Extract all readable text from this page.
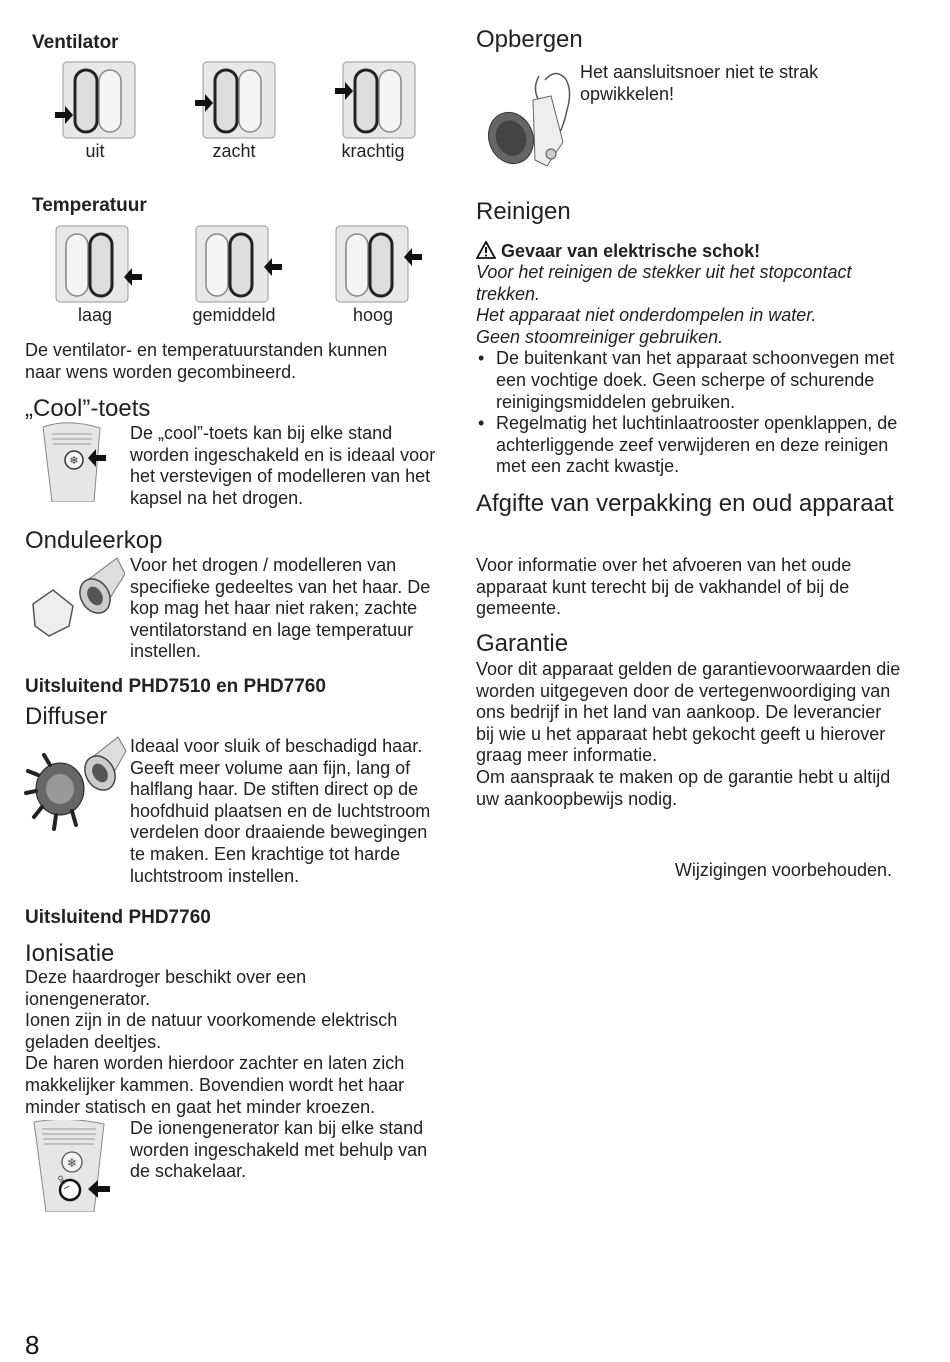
Ventilator
uit	zacht	krachtig
Temperatuur
laag	gemiddeld	hoog
De ventilator- en temperatuurstanden kunnen naar wens worden gecombineerd.
„Cool”-toets
❄
De „cool”-toets kan bij elke stand worden ingeschakeld en is ideaal voor het verstevigen of modelleren van het kapsel na het drogen.
Onduleerkop
Voor het drogen / modelleren van specifieke gedeeltes van het haar. De kop mag het haar niet raken; zachte ventilatorstand en lage temperatuur instellen.
Uitsluitend PHD7510 en PHD7760
Diffuser
Ideaal voor sluik of beschadigd haar. Geeft meer volume aan fijn, lang of halflang haar. De stiften direct op de hoofdhuid plaatsen en de luchtstroom verdelen door draaiende bewegingen te maken. Een krachtige tot harde luchtstroom instellen.
Uitsluitend PHD7760
Ionisatie

Deze haardroger beschikt over een ionengenerator.

Ionen zijn in de natuur voorkomende elektrisch geladen deeltjes.

De haren worden hierdoor zachter en laten zich makkelijker kammen. Bovendien wordt het haar minder statisch en gaat het minder kroezen.

❄
on I
De ionengenerator kan bij elke stand worden ingeschakeld met behulp van de schakelaar.
8
Opbergen
Het aansluitsnoer niet te strak opwikkelen!
Reinigen
Gevaar van elektrische schok!

Voor het reinigen de stekker uit het stopcontact trekken.

Het apparaat niet onderdompelen in water.

Geen stoomreiniger gebruiken.

• De buitenkant van het apparaat schoonvegen met een vochtige doek. Geen scherpe of schurende reinigingsmiddelen gebruiken.
• Regelmatig het luchtinlaatrooster openklappen, de achterliggende zeef verwijderen en deze reinigen met een zacht kwastje.
Afgifte van verpakking en oud apparaat
Voor informatie over het afvoeren van het oude apparaat kunt terecht bij de vakhandel of bij de gemeente.
Garantie

Voor dit apparaat gelden de garantievoorwaarden die worden uitgegeven door de vertegenwoordiging van ons bedrijf in het land van aankoop. De leverancier bij wie u het apparaat hebt gekocht geeft u hierover graag meer informatie.

Om aanspraak te maken op de garantie hebt u altijd uw aankoopbewijs nodig.

Wijzigingen voorbehouden.
